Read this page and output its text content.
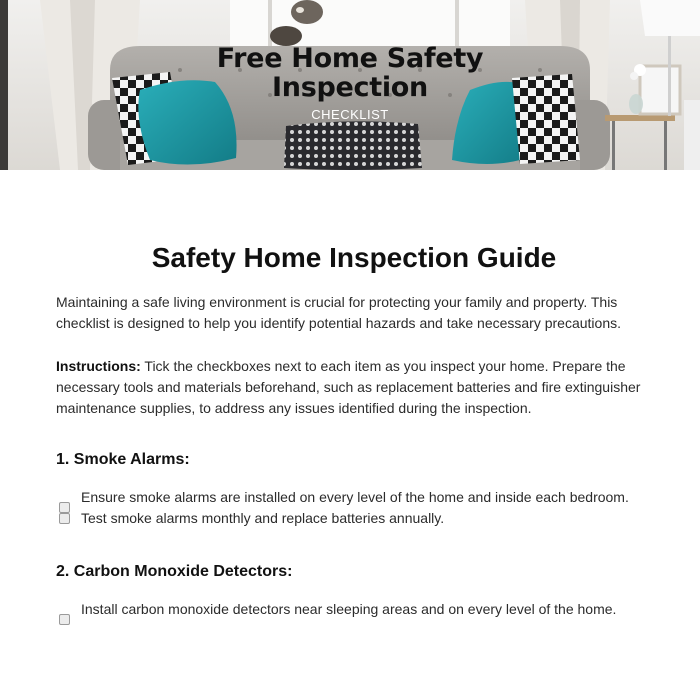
Free Home Safety
Inspection
CHECKLIST
Safety Home Inspection Guide

Maintaining a safe living environment is crucial for protecting your family and property. This checklist is designed to help you identify potential hazards and take necessary precautions.

Instructions: Tick the checkboxes next to each item as you inspect your home. Prepare the necessary tools and materials beforehand, such as replacement batteries and fire extinguisher maintenance supplies, to address any issues identified during the inspection.

1. Smoke Alarms:
Ensure smoke alarms are installed on every level of the home and inside each bedroom.
Test smoke alarms monthly and replace batteries annually.
2. Carbon Monoxide Detectors:
Install carbon monoxide detectors near sleeping areas and on every level of the home.
